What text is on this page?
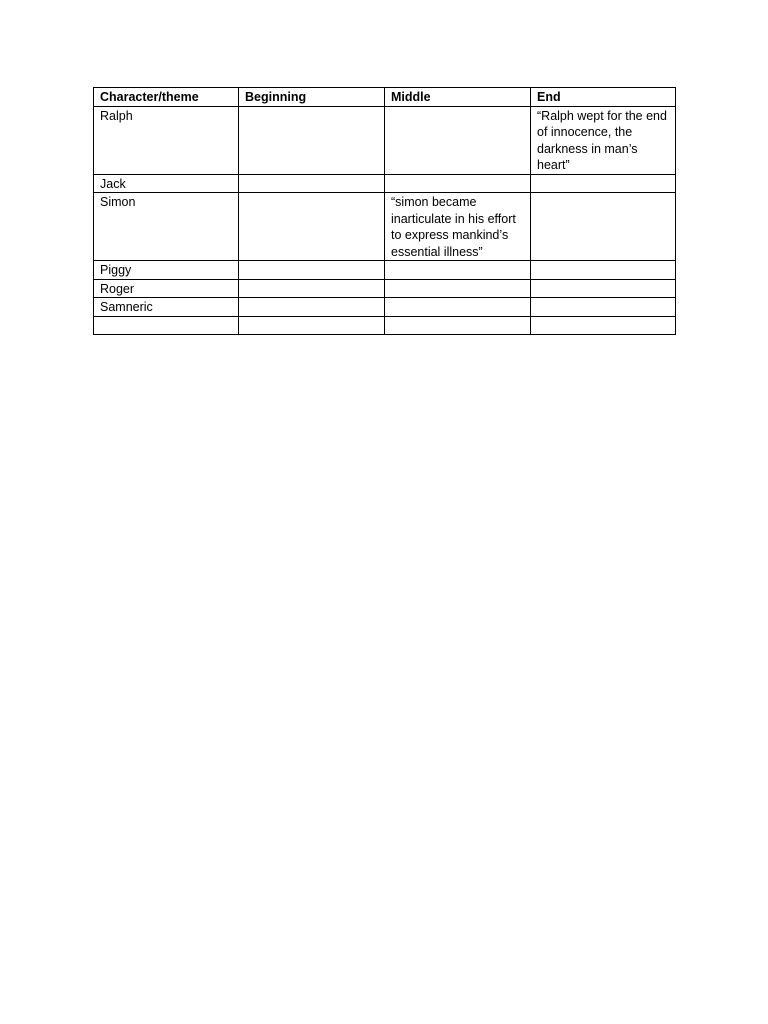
Character/theme	Beginning	Middle	End
Ralph			“Ralph wept for the end of innocence, the darkness in man’s heart”
Jack			
Simon		“simon became inarticulate in his effort to express mankind’s essential illness”	
Piggy			
Roger			
Samneric			
